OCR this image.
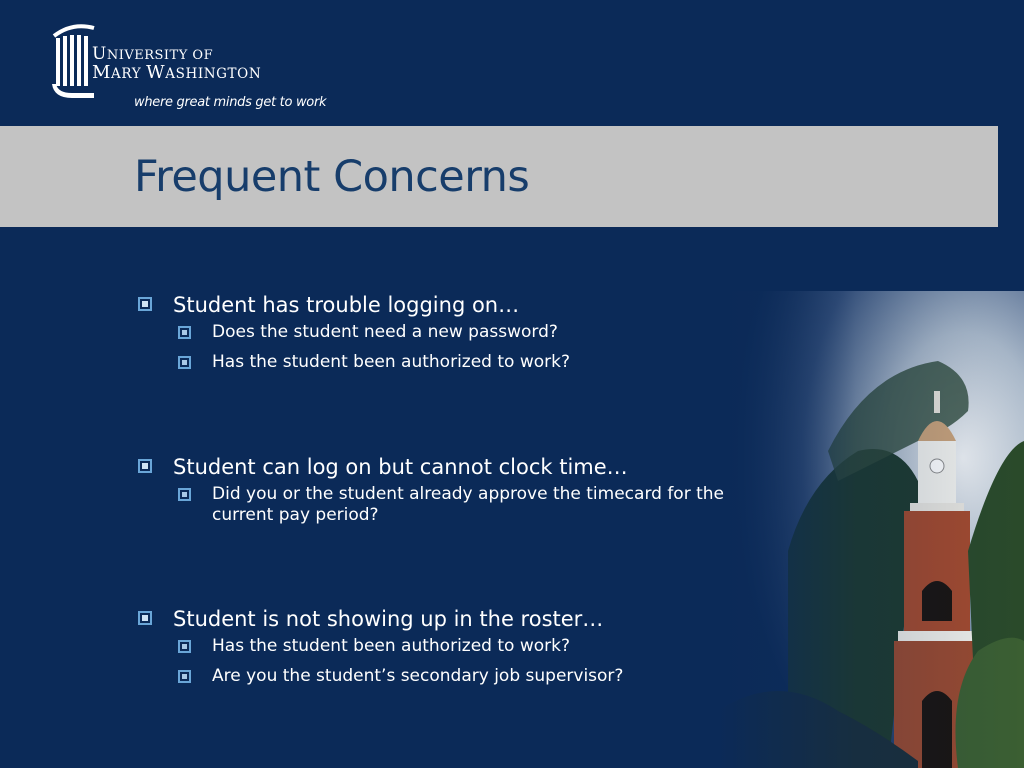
UNIVERSITY OF
MARY WASHINGTON
where great minds get to work
Frequent Concerns
Student has trouble logging on…
Does the student need a new password?
Has the student been authorized to work?
Student can log on but cannot clock time…
Did you or the student already approve the timecard for the current pay period?
Student is not showing up in the roster…
Has the student been authorized to work?
Are you the student’s secondary job supervisor?
